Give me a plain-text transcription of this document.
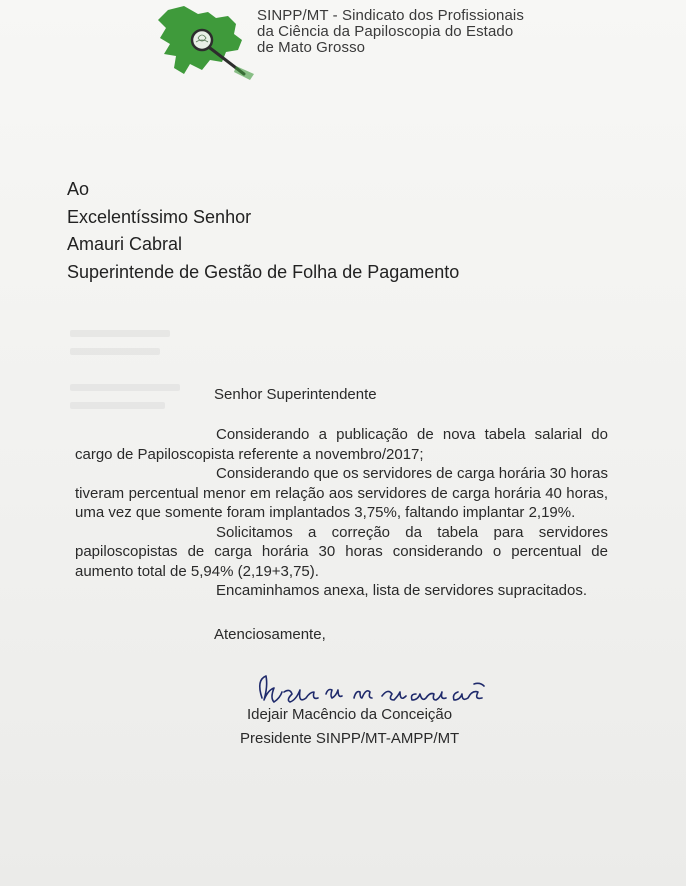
SINPP/MT - Sindicato dos Profissionais
da Ciência da Papiloscopia do Estado
de Mato Grosso
Ao
Excelentíssimo Senhor
Amauri Cabral
Superintende de Gestão de Folha de Pagamento
Senhor Superintendente

Considerando a publicação de nova tabela salarial do cargo de Papiloscopista referente a novembro/2017;

Considerando que os servidores de carga horária 30 horas tiveram percentual menor em relação aos servidores de carga horária 40 horas, uma vez que somente foram implantados 3,75%, faltando implantar 2,19%.

Solicitamos a correção da tabela para servidores papiloscopistas de carga horária 30 horas considerando o percentual de aumento total de 5,94% (2,19+3,75).

Encaminhamos anexa, lista de servidores supracitados.

Atenciosamente,
Idejair Macêncio da Conceição
Presidente SINPP/MT-AMPP/MT
